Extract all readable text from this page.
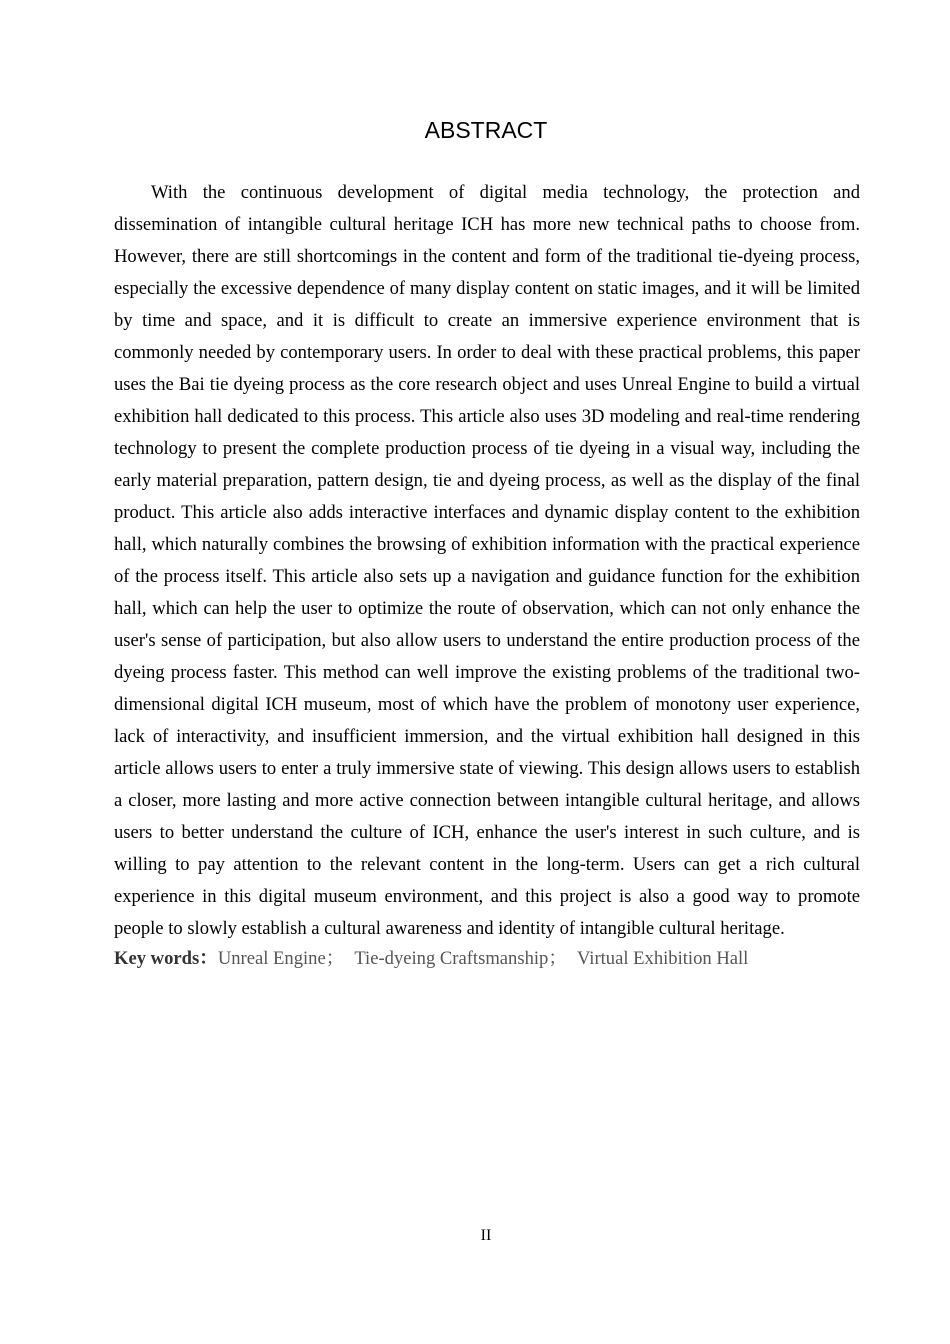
ABSTRACT

With the continuous development of digital media technology, the protection and dissemination of intangible cultural heritage ICH has more new technical paths to choose from. However, there are still shortcomings in the content and form of the traditional tie-dyeing process, especially the excessive dependence of many display content on static images, and it will be limited by time and space, and it is difficult to create an immersive experience environment that is commonly needed by contemporary users. In order to deal with these practical problems, this paper uses the Bai tie dyeing process as the core research object and uses Unreal Engine to build a virtual exhibition hall dedicated to this process. This article also uses 3D modeling and real-time rendering technology to present the complete production process of tie dyeing in a visual way, including the early material preparation, pattern design, tie and dyeing process, as well as the display of the final product. This article also adds interactive interfaces and dynamic display content to the exhibition hall, which naturally combines the browsing of exhibition information with the practical experience of the process itself. This article also sets up a navigation and guidance function for the exhibition hall, which can help the user to optimize the route of observation, which can not only enhance the user's sense of participation, but also allow users to understand the entire production process of the dyeing process faster. This method can well improve the existing problems of the traditional two-dimensional digital ICH museum, most of which have the problem of monotony user experience, lack of interactivity, and insufficient immersion, and the virtual exhibition hall designed in this article allows users to enter a truly immersive state of viewing. This design allows users to establish a closer, more lasting and more active connection between intangible cultural heritage, and allows users to better understand the culture of ICH, enhance the user's interest in such culture, and is willing to pay attention to the relevant content in the long-term. Users can get a rich cultural experience in this digital museum environment, and this project is also a good way to promote people to slowly establish a cultural awareness and identity of intangible cultural heritage.

Key words：Unreal Engine； Tie-dyeing Craftsmanship； Virtual Exhibition Hall

II
